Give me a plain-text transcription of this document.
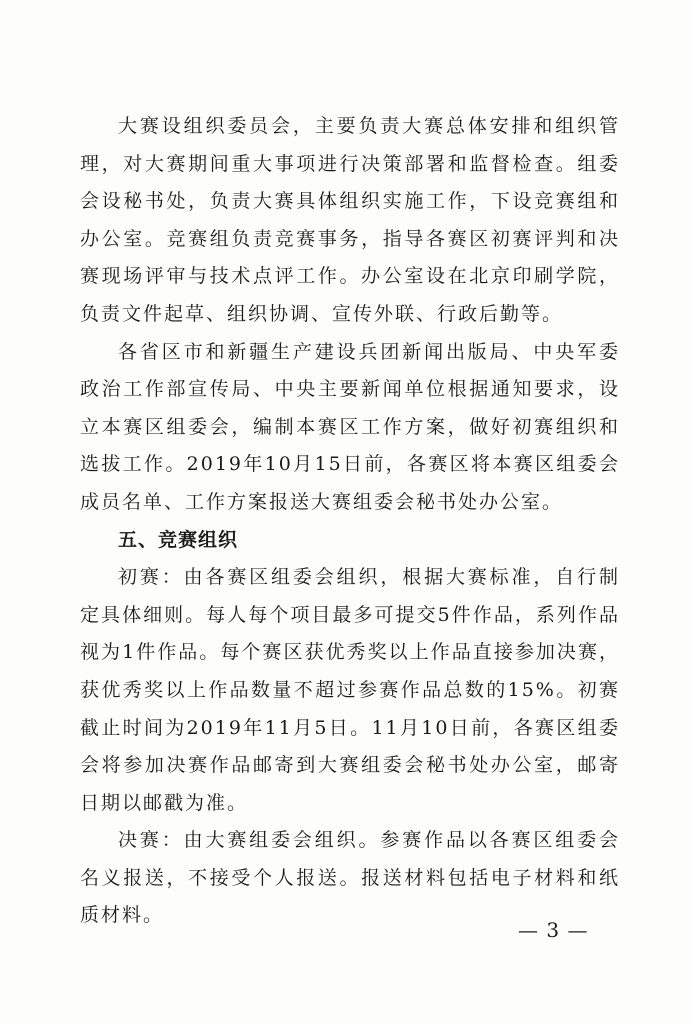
大赛设组织委员会，主要负责大赛总体安排和组织管理，对大赛期间重大事项进行决策部署和监督检查。组委会设秘书处，负责大赛具体组织实施工作，下设竞赛组和办公室。竞赛组负责竞赛事务，指导各赛区初赛评判和决赛现场评审与技术点评工作。办公室设在北京印刷学院，负责文件起草、组织协调、宣传外联、行政后勤等。

各省区市和新疆生产建设兵团新闻出版局、中央军委政治工作部宣传局、中央主要新闻单位根据通知要求，设立本赛区组委会，编制本赛区工作方案，做好初赛组织和选拔工作。2019年10月15日前，各赛区将本赛区组委会成员名单、工作方案报送大赛组委会秘书处办公室。

五、竞赛组织

初赛：由各赛区组委会组织，根据大赛标准，自行制定具体细则。每人每个项目最多可提交5件作品，系列作品视为1件作品。每个赛区获优秀奖以上作品直接参加决赛，获优秀奖以上作品数量不超过参赛作品总数的15%。初赛截止时间为2019年11月5日。11月10日前，各赛区组委会将参加决赛作品邮寄到大赛组委会秘书处办公室，邮寄日期以邮戳为准。

决赛：由大赛组委会组织。参赛作品以各赛区组委会名义报送，不接受个人报送。报送材料包括电子材料和纸质材料。

— 3 —
